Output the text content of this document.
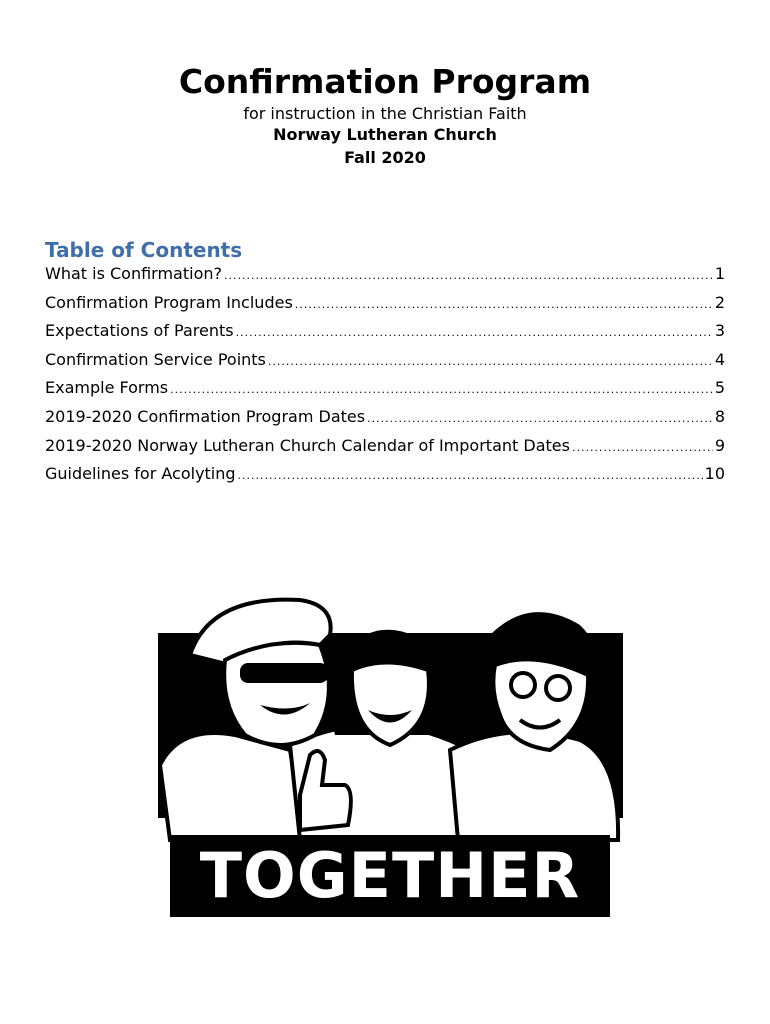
Confirmation Program
for instruction in the Christian Faith
Norway Lutheran Church
Fall 2020
Table of Contents
What is Confirmation? .....	1
Confirmation Program Includes .....	2
Expectations of Parents .....	3
Confirmation Service Points .....	4
Example Forms .....	5
2019-2020 Confirmation Program Dates .....	8
2019-2020 Norway Lutheran Church Calendar of Important Dates .....	9
Guidelines for Acolyting .....	10
TOGETHER
